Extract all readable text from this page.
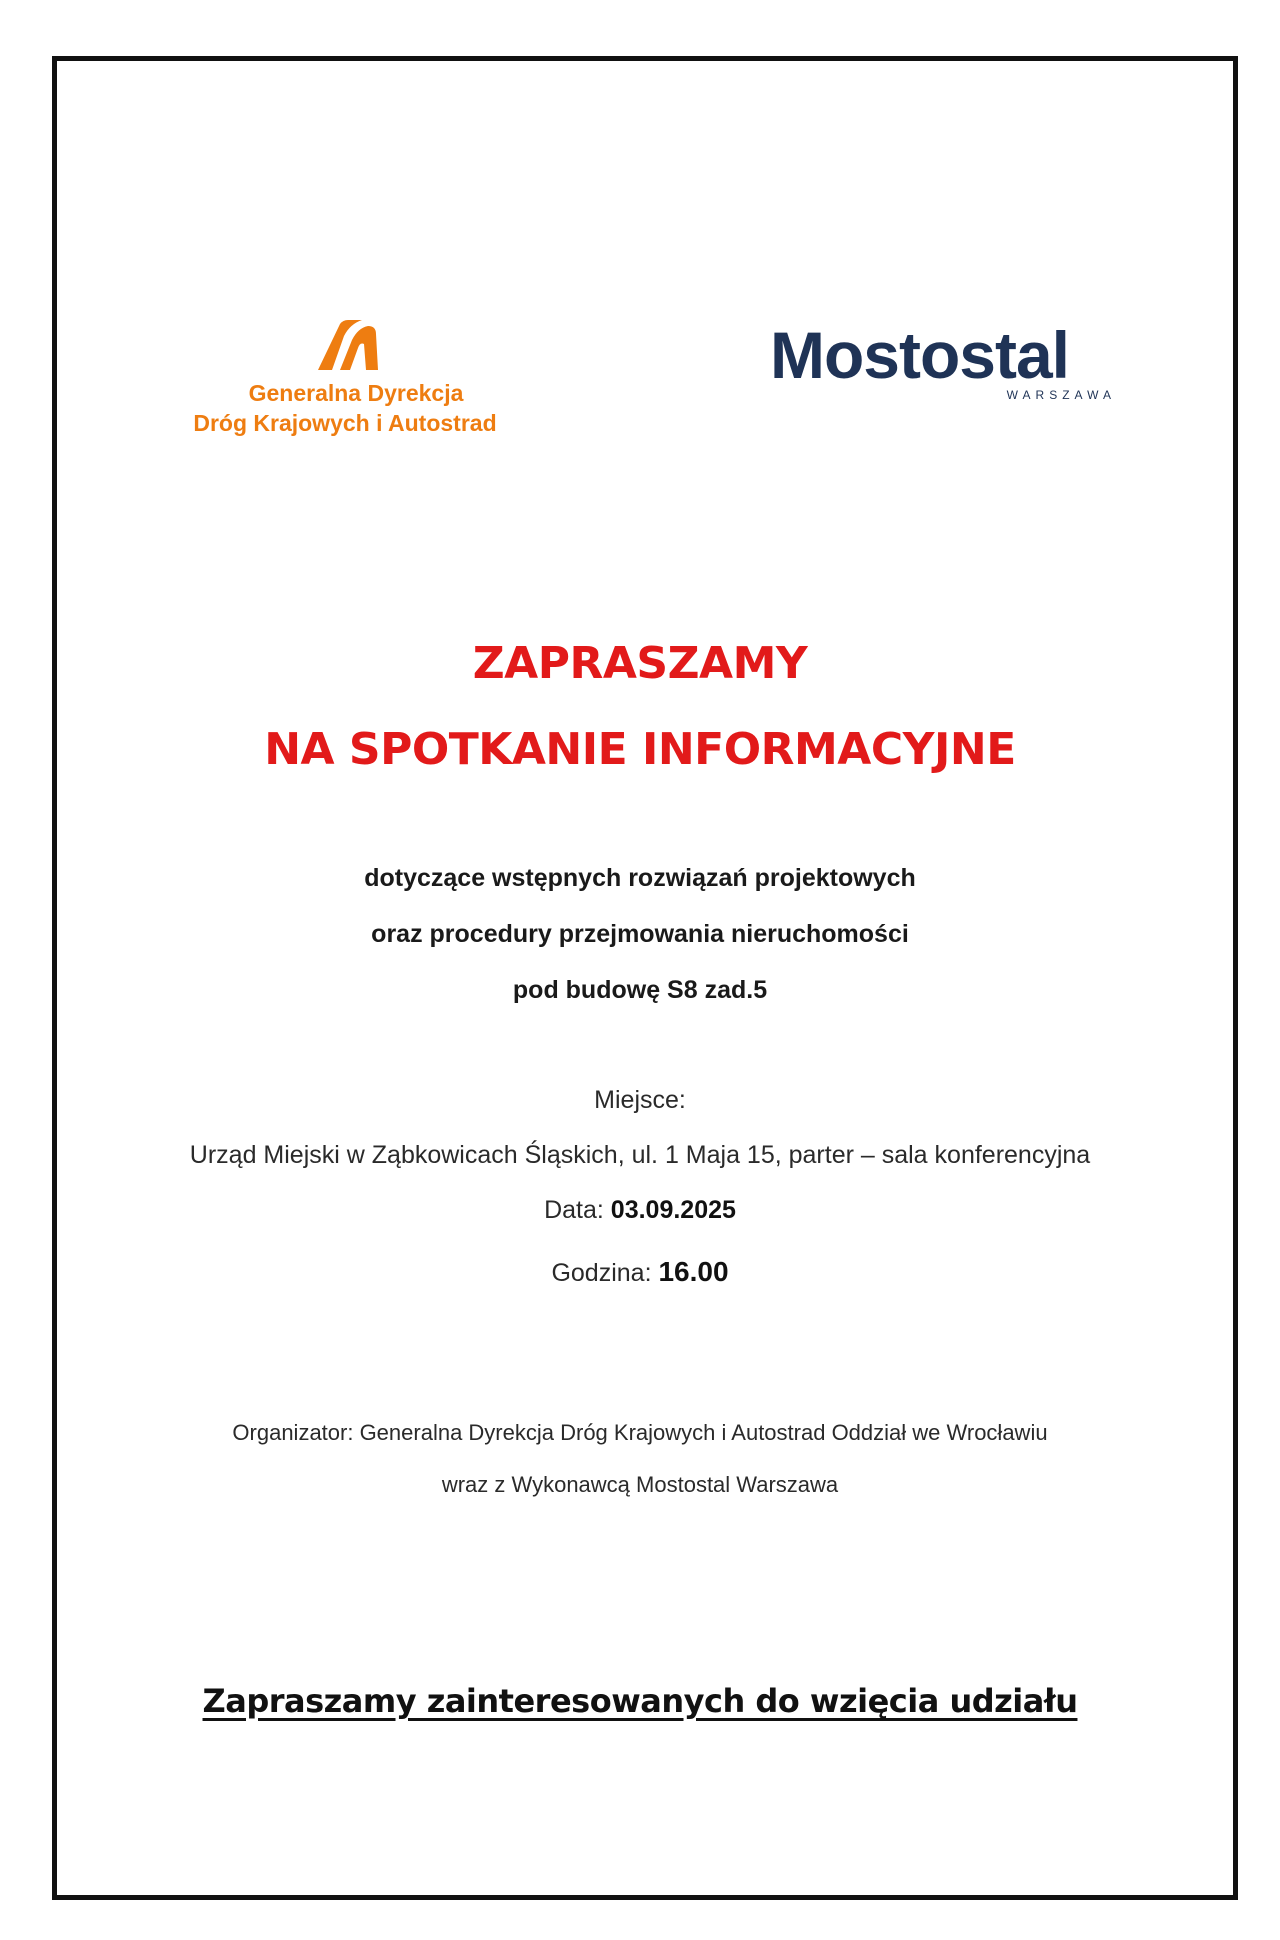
Generalna Dyrekcja
Dróg Krajowych i Autostrad
Mostostal
WARSZAWA
ZAPRASZAMY
NA SPOTKANIE INFORMACYJNE
dotyczące wstępnych rozwiązań projektowych
oraz procedury przejmowania nieruchomości
pod budowę S8 zad.5
Miejsce:
Urząd Miejski w Ząbkowicach Śląskich, ul. 1 Maja 15, parter – sala konferencyjna
Data: 03.09.2025
Godzina: 16.00
Organizator: Generalna Dyrekcja Dróg Krajowych i Autostrad Oddział we Wrocławiu
wraz z Wykonawcą Mostostal Warszawa
Zapraszamy zainteresowanych do wzięcia udziału
